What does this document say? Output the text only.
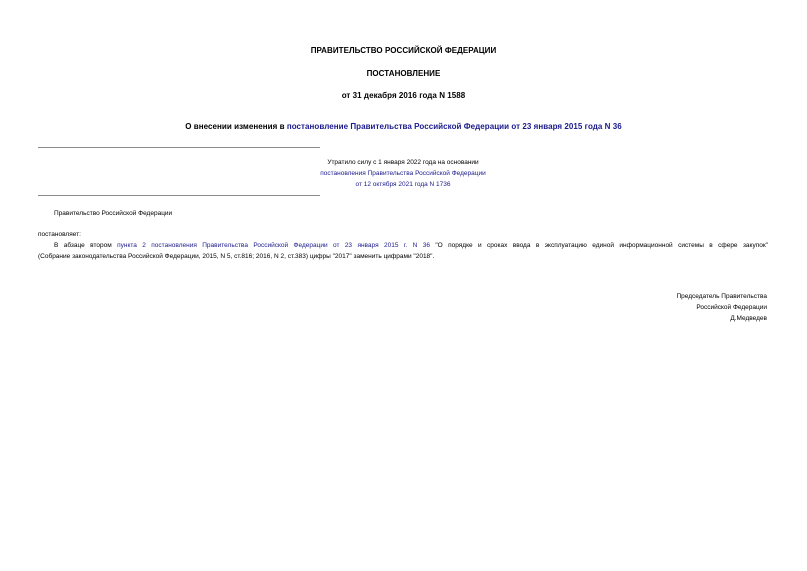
ПРАВИТЕЛЬСТВО РОССИЙСКОЙ ФЕДЕРАЦИИ
ПОСТАНОВЛЕНИЕ
от 31 декабря 2016 года N 1588
О внесении изменения в постановление Правительства Российской Федерации от 23 января 2015 года N 36
Утратило силу с 1 января 2022 года на основании
постановления Правительства Российской Федерации
от 12 октября 2021 года N 1736
Правительство Российской Федерации
постановляет:
В абзаце втором пункта 2 постановления Правительства Российской Федерации от 23 января 2015 г. N 36 "О порядке и сроках ввода в эксплуатацию единой информационной системы в сфере закупок"
(Собрание законодательства Российской Федерации, 2015, N 5, ст.816; 2016, N 2, ст.383) цифры "2017" заменить цифрами "2018".
Председатель Правительства
Российской Федерации
Д.Медведев
